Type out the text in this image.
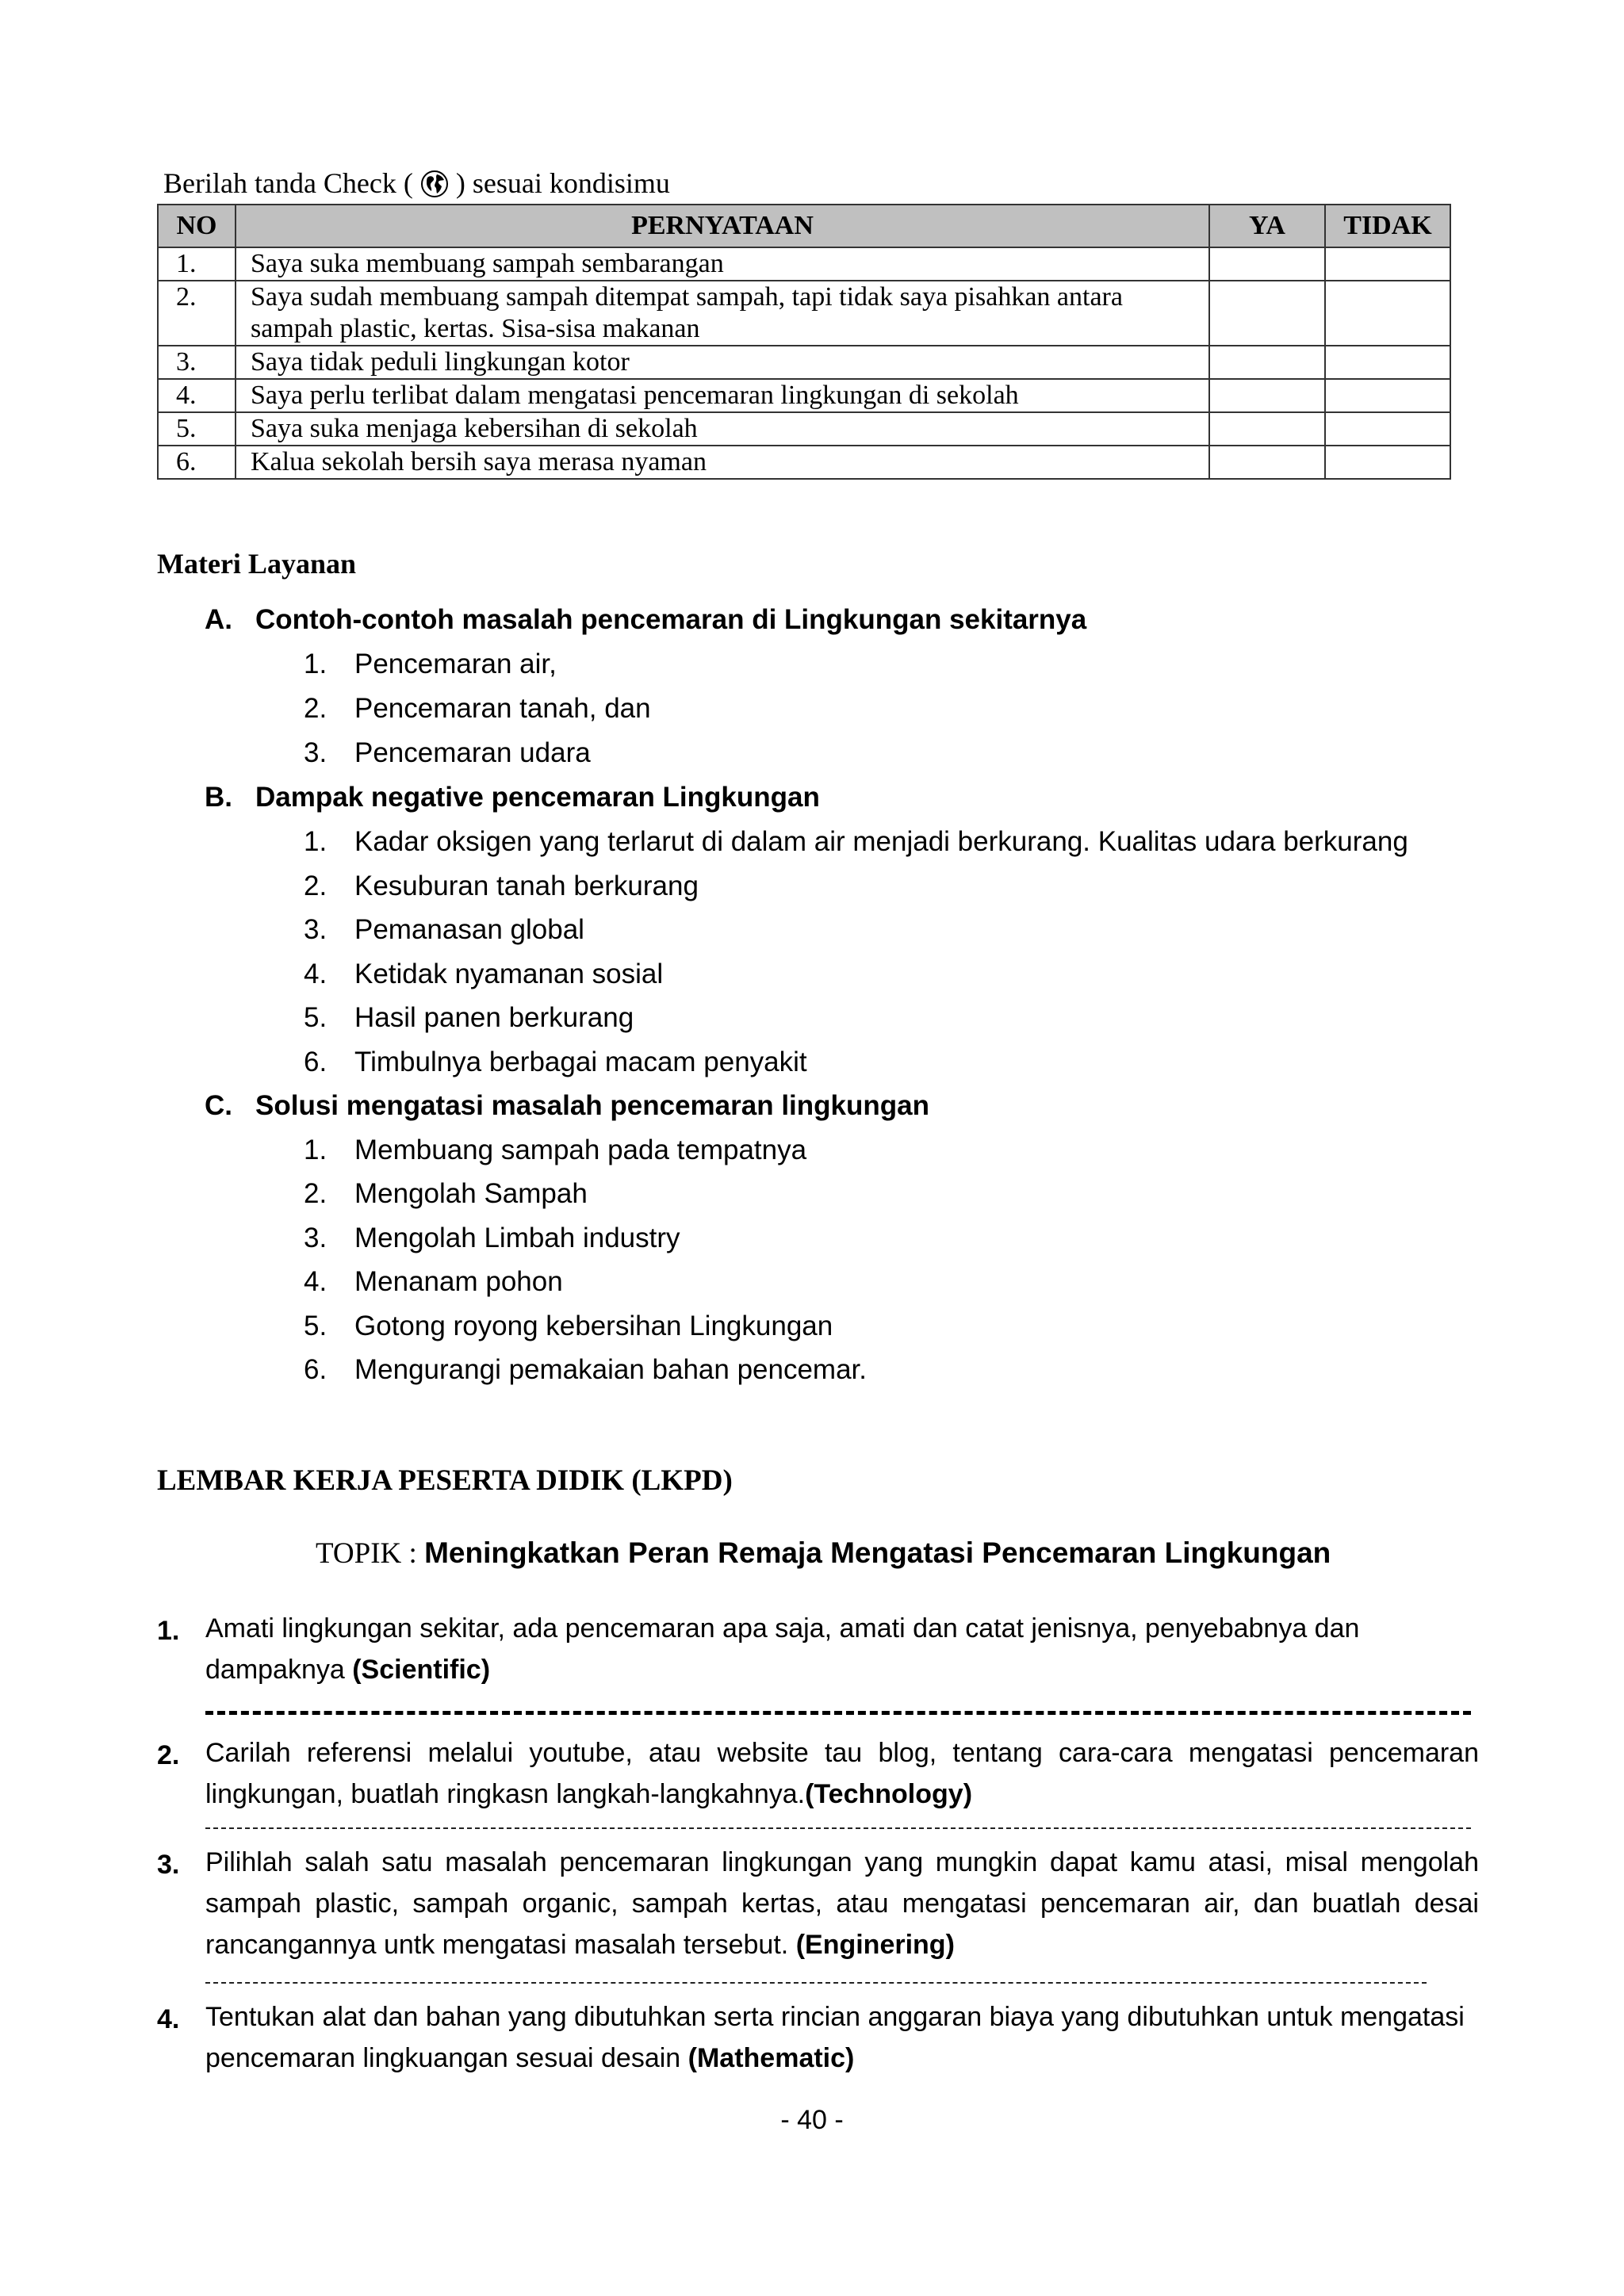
Berilah tanda Check ( ) sesuai kondisimu
NO	PERNYATAAN	YA	TIDAK
1.	Saya suka membuang sampah sembarangan		
2.	Saya sudah membuang sampah ditempat sampah, tapi tidak saya pisahkan antara sampah plastic, kertas. Sisa-sisa makanan		
3.	Saya tidak peduli lingkungan kotor		
4.	Saya perlu terlibat dalam mengatasi pencemaran lingkungan di sekolah		
5.	Saya suka menjaga kebersihan di sekolah		
6.	Kalua sekolah bersih saya merasa nyaman		
Materi Layanan
A. Contoh-contoh masalah pencemaran di Lingkungan sekitarnya
1. Pencemaran air,
2. Pencemaran tanah, dan
3. Pencemaran udara
B. Dampak negative pencemaran Lingkungan
1. Kadar oksigen yang terlarut di dalam air menjadi berkurang. Kualitas udara berkurang
2. Kesuburan tanah berkurang
3. Pemanasan global
4. Ketidak nyamanan sosial
5. Hasil panen berkurang
6. Timbulnya berbagai macam penyakit
C. Solusi mengatasi masalah pencemaran lingkungan
1. Membuang sampah pada tempatnya
2. Mengolah Sampah
3. Mengolah Limbah industry
4. Menanam pohon
5. Gotong royong kebersihan Lingkungan
6. Mengurangi pemakaian bahan pencemar.
LEMBAR KERJA PESERTA DIDIK (LKPD)
TOPIK : Meningkatkan Peran Remaja Mengatasi Pencemaran Lingkungan
1. Amati lingkungan sekitar, ada pencemaran apa saja, amati dan catat jenisnya, penyebabnya dan dampaknya (Scientific)
2. Carilah referensi melalui youtube, atau website tau blog, tentang cara-cara mengatasi pencemaran lingkungan, buatlah ringkasn langkah-langkahnya.(Technology)
3. Pilihlah salah satu masalah pencemaran lingkungan yang mungkin dapat kamu atasi, misal mengolah sampah plastic, sampah organic, sampah kertas, atau mengatasi pencemaran air, dan buatlah desai rancangannya untk mengatasi masalah tersebut. (Enginering)
4. Tentukan alat dan bahan yang dibutuhkan serta rincian anggaran biaya yang dibutuhkan untuk mengatasi pencemaran lingkuangan sesuai desain (Mathematic)
- 40 -
